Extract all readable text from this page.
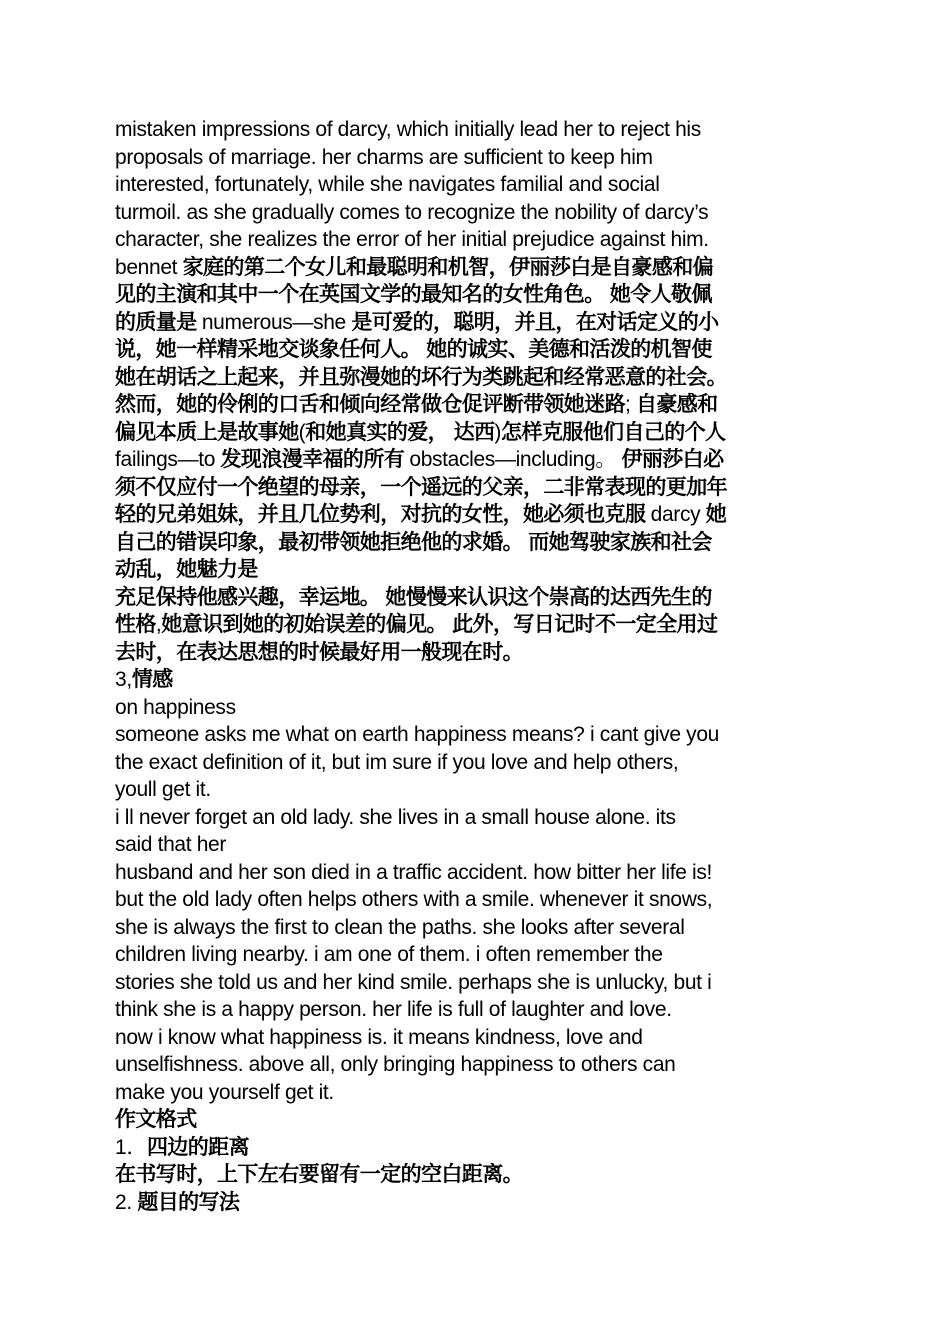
mistaken impressions of darcy, which initially lead her to reject his
proposals of marriage. her charms are sufficient to keep him
interested, fortunately, while she navigates familial and social
turmoil. as she gradually comes to recognize the nobility of darcy’s
character, she realizes the error of her initial prejudice against him.
bennet 家庭的第二个女儿和最聪明和机智，伊丽莎白是自豪感和偏
见的主演和其中一个在英国文学的最知名的女性角色。 她令人敬佩
的质量是 numerous—she 是可爱的，聪明，并且，在对话定义的小
说，她一样精采地交谈象任何人。 她的诚实、美德和活泼的机智使
她在胡话之上起来，并且弥漫她的坏行为类跳起和经常恶意的社会。
然而，她的伶俐的口舌和倾向经常做仓促评断带领她迷路; 自豪感和
偏见本质上是故事她(和她真实的爱， 达西)怎样克服他们自己的个人
failings—to 发现浪漫幸福的所有 obstacles—including。 伊丽莎白必
须不仅应付一个绝望的母亲，一个遥远的父亲，二非常表现的更加年
轻的兄弟姐妹，并且几位势利，对抗的女性，她必须也克服 darcy 她
自己的错误印象，最初带领她拒绝他的求婚。 而她驾驶家族和社会
动乱，她魅力是
充足保持他感兴趣，幸运地。 她慢慢来认识这个崇高的达西先生的
性格,她意识到她的初始误差的偏见。 此外，写日记时不一定全用过
去时，在表达思想的时候最好用一般现在时。
3,情感
on happiness
someone asks me what on earth happiness means? i cant give you
the exact definition of it, but im sure if you love and help others,
youll get it.
i ll never forget an old lady. she lives in a small house alone. its
said that her
husband and her son died in a traffic accident. how bitter her life is!
but the old lady often helps others with a smile. whenever it snows,
she is always the first to clean the paths. she looks after several
children living nearby. i am one of them. i often remember the
stories she told us and her kind smile. perhaps she is unlucky, but i
think she is a happy person. her life is full of laughter and love.
now i know what happiness is. it means kindness, love and
unselfishness. above all, only bringing happiness to others can
make you yourself get it.
作文格式
1．四边的距离
在书写时，上下左右要留有一定的空白距离。
2. 题目的写法
